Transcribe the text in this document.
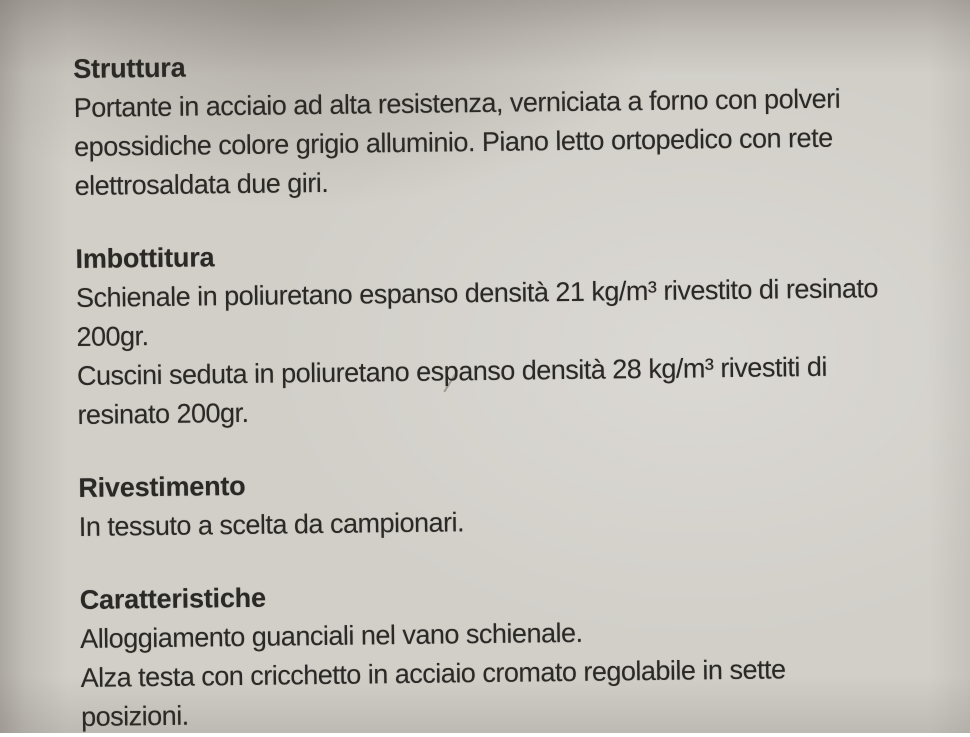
Struttura
Portante in acciaio ad alta resistenza, verniciata a forno con polveri
epossidiche colore grigio alluminio. Piano letto ortopedico con rete
elettrosaldata due giri.
Imbottitura
Schienale in poliuretano espanso densità 21 kg/m³ rivestito di resinato
200gr.
Cuscini seduta in poliuretano espanso densità 28 kg/m³ rivestiti di
resinato 200gr.
Rivestimento
In tessuto a scelta da campionari.
Caratteristiche
Alloggiamento guanciali nel vano schienale.
Alza testa con cricchetto in acciaio cromato regolabile in sette
posizioni.
